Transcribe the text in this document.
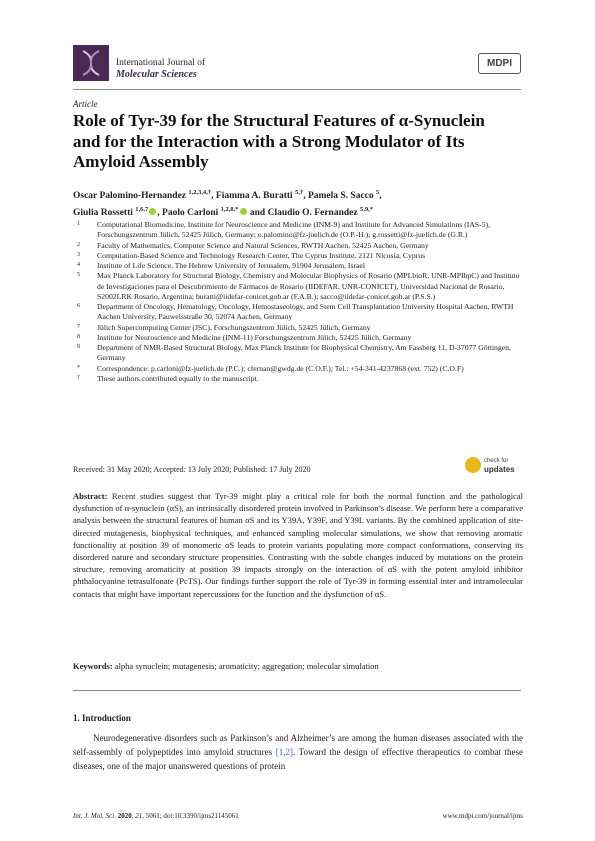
International Journal of
Molecular Sciences
MDPI
Article
Role of Tyr-39 for the Structural Features of α-Synuclein and for the Interaction with a Strong Modulator of Its Amyloid Assembly
Oscar Palomino-Hernandez $^{1,2,3,4,\dagger}$, Fiamma A. Buratti $^{5,\dagger}$, Pamela S. Sacco $^5$,
Giulia Rossetti $^{1,6,7}$ , Paolo Carloni $^{1,2,8,*}$ and Claudio O. Fernandez $^{5,9,*}$
1	Computational Biomedicine, Institute for Neuroscience and Medicine (INM-9) and Institute for Advanced Simulations (IAS-5), Forschungszentrum Jülich, 52425 Jülich, Germany; o.palomino@fz-juelich.de (O.P.-H.); g.rossetti@fz-juelich.de (G.R.)
2	Faculty of Mathematics, Computer Science and Natural Sciences, RWTH Aachen, 52425 Aachen, Germany
3	Computation-Based Science and Technology Research Center, The Cyprus Institute, 2121 Nicosia, Cyprus
4	Institute of Life Science, The Hebrew University of Jerusalem, 91904 Jerusalem, Israel
5	Max Planck Laboratory for Structural Biology, Chemistry and Molecular Biophysics of Rosario (MPLbioR, UNR-MPIbpC) and Instituto de Investigaciones para el Descubrimiento de Fármacos de Rosario (IIDEFAR, UNR-CONICET), Universidad Nacional de Rosario, S2002LRK Rosario, Argentina; buratti@iidefar-conicet.gob.ar (F.A.B.); sacco@iidefar-conicet.gob.ar (P.S.S.)
6	Department of Oncology, Hematology, Oncology, Hemostaseology, and Stem Cell Transplantation University Hospital Aachen, RWTH Aachen University, Pauwelsstraße 30, 52074 Aachen, Germany
7	Jülich Supercomputing Center (JSC), Forschungszentrum Jülich, 52425 Jülich, Germany
8	Institute for Neuroscience and Medicine (INM-11) Forschungszentrum Jülich, 52425 Jülich, Germany
9	Department of NMR-Based Structural Biology, Max Planck Institute for Biophysical Chemistry, Am Fassberg 11, D-37077 Göttingen, Germany
*	Correspondence: p.carloni@fz-juelich.de (P.C.); cfernan@gwdg.de (C.O.F.); Tel.: +54-341-4237868 (ext. 752) (C.O.F)
†	These authors contributed equally to the manuscript.
Received: 31 May 2020; Accepted: 13 July 2020; Published: 17 July 2020
check for
updates
Abstract: Recent studies suggest that Tyr-39 might play a critical role for both the normal function and the pathological dysfunction of α-synuclein (αS), an intrinsically disordered protein involved in Parkinson’s disease. We perform here a comparative analysis between the structural features of human αS and its Y39A, Y39F, and Y39L variants. By the combined application of site-directed mutagenesis, biophysical techniques, and enhanced sampling molecular simulations, we show that removing aromatic functionality at position 39 of monomeric αS leads to protein variants populating more compact conformations, conserving its disordered nature and secondary structure propensities. Contrasting with the subtle changes induced by mutations on the protein structure, removing aromaticity at position 39 impacts strongly on the interaction of αS with the potent amyloid inhibitor phthalocyanine tetrasulfonate (PcTS). Our findings further support the role of Tyr-39 in forming essential inter and intramolecular contacts that might have important repercussions for the function and the dysfunction of αS.
Keywords: alpha synuclein; mutagenesis; aromaticity; aggregation; molecular simulation
1. Introduction
Neurodegenerative disorders such as Parkinson’s and Alzheimer’s are among the human diseases associated with the self-assembly of polypeptides into amyloid structures [1,2]. Toward the design of effective therapeutics to combat these diseases, one of the major unanswered questions of protein
Int. J. Mol. Sci. 2020, 21, 5061; doi:10.3390/ijms21145061	www.mdpi.com/journal/ijms
